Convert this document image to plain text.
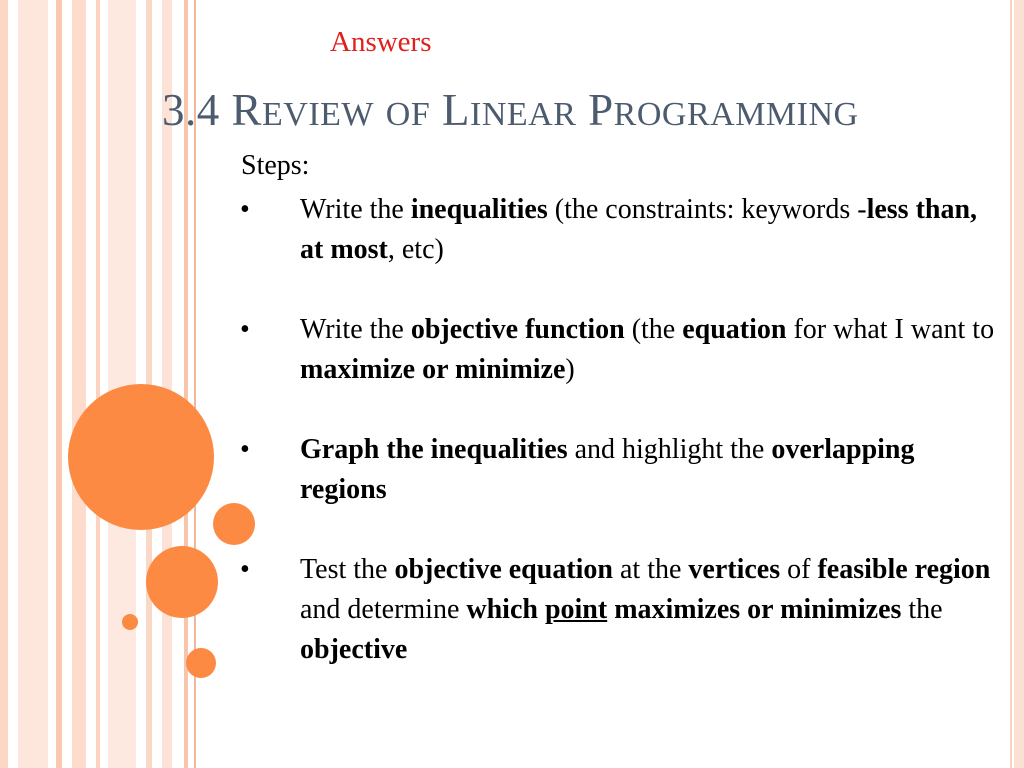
Answers
3.4 REVIEW OF LINEAR PROGRAMMING
Steps:
• Write the inequalities (the constraints: keywords -less than, at most, etc)
• Write the objective function (the equation for what I want to maximize or minimize)
• Graph the inequalities and highlight the overlapping regions
• Test the objective equation at the vertices of feasible region and determine which point maximizes or minimizes the objective
